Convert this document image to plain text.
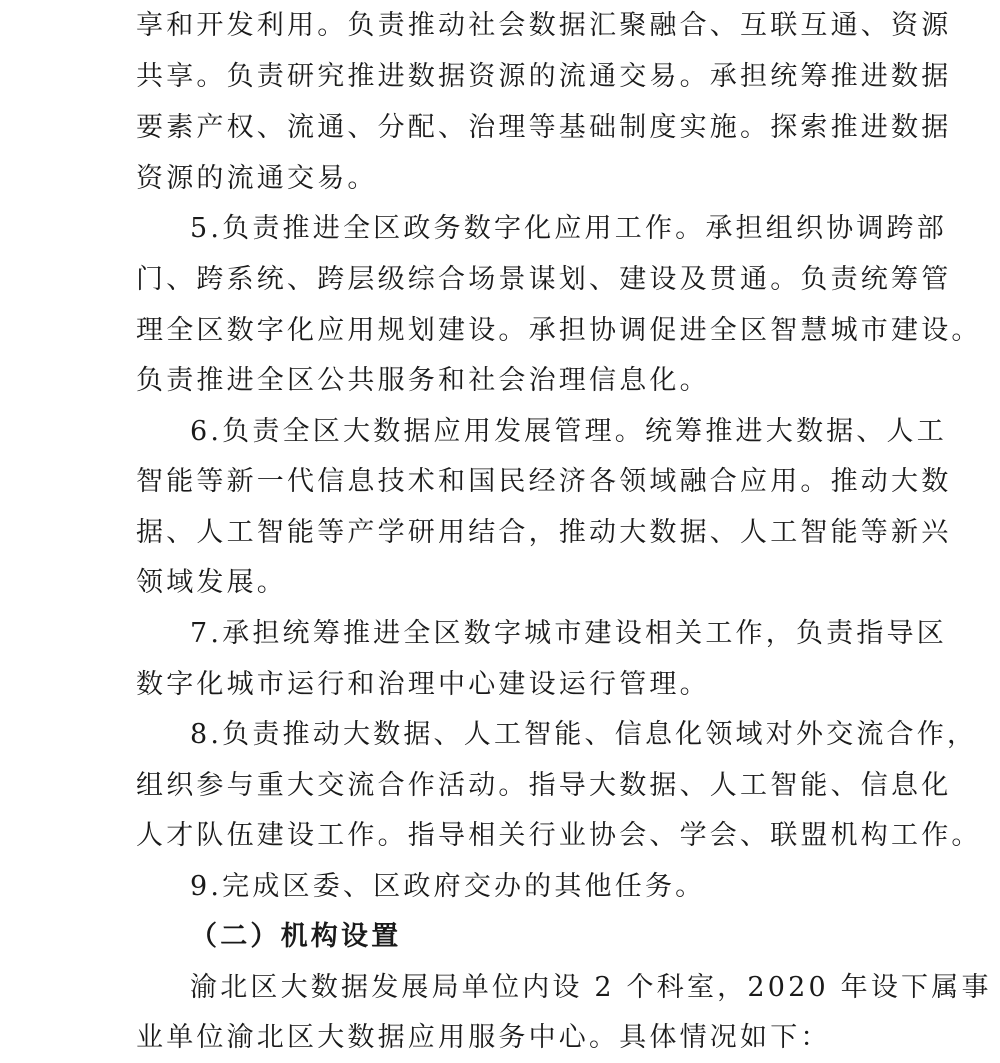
享和开发利用。负责推动社会数据汇聚融合、互联互通、资源
共享。负责研究推进数据资源的流通交易。承担统筹推进数据
要素产权、流通、分配、治理等基础制度实施。探索推进数据
资源的流通交易。
5.负责推进全区政务数字化应用工作。承担组织协调跨部
门、跨系统、跨层级综合场景谋划、建设及贯通。负责统筹管
理全区数字化应用规划建设。承担协调促进全区智慧城市建设。
负责推进全区公共服务和社会治理信息化。
6.负责全区大数据应用发展管理。统筹推进大数据、人工
智能等新一代信息技术和国民经济各领域融合应用。推动大数
据、人工智能等产学研用结合，推动大数据、人工智能等新兴
领域发展。
7.承担统筹推进全区数字城市建设相关工作，负责指导区
数字化城市运行和治理中心建设运行管理。
8.负责推动大数据、人工智能、信息化领域对外交流合作，
组织参与重大交流合作活动。指导大数据、人工智能、信息化
人才队伍建设工作。指导相关行业协会、学会、联盟机构工作。
9.完成区委、区政府交办的其他任务。
（二）机构设置
渝北区大数据发展局单位内设 2 个科室，2020 年设下属事
业单位渝北区大数据应用服务中心。具体情况如下：
